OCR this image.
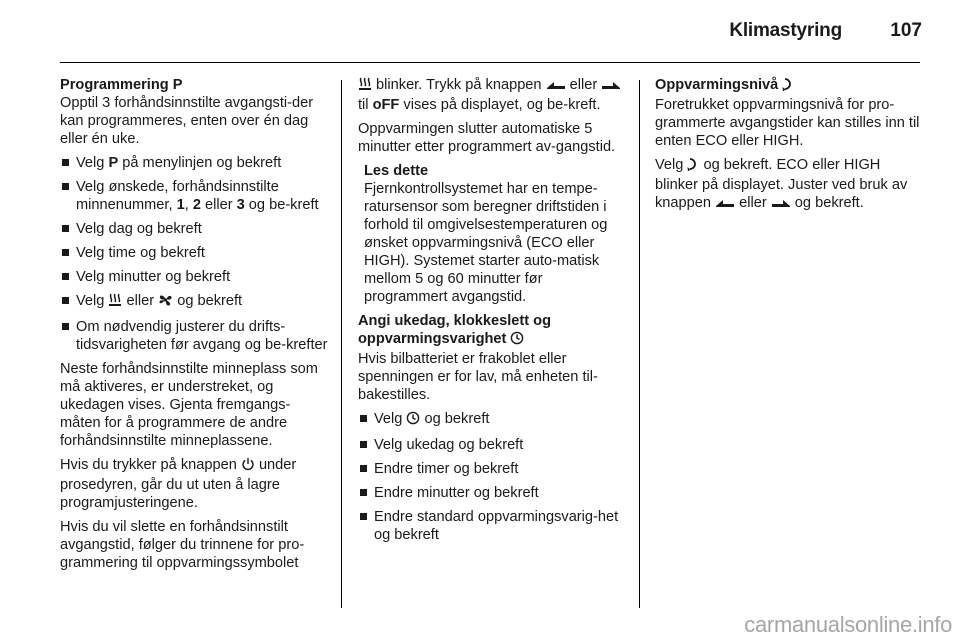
Klimastyring	107
Programmering P

Opptil 3 forhåndsinnstilte avgangsti-der kan programmeres, enten over én dag eller én uke.

Velg P på menylinjen og bekreft
Velg ønskede, forhåndsinnstilte minnenummer, 1, 2 eller 3 og be-kreft
Velg dag og bekreft
Velg time og bekreft
Velg minutter og bekreft
Velg  eller  og bekreft
Om nødvendig justerer du drifts-tidsvarigheten før avgang og be-krefter

Neste forhåndsinnstilte minneplass som må aktiveres, er understreket, og ukedagen vises. Gjenta fremgangs-måten for å programmere de andre forhåndsinnstilte minneplassene.

Hvis du trykker på knappen  under prosedyren, går du ut uten å lagre programjusteringene.

Hvis du vil slette en forhåndsinnstilt avgangstid, følger du trinnene for pro-grammering til oppvarmingssymbolet

blinker. Trykk på knappen  eller  til oFF vises på displayet, og be-kreft.

Oppvarmingen slutter automatiske 5 minutter etter programmert av-gangstid.

Les dette
Fjernkontrollsystemet har en tempe-ratursensor som beregner driftstiden i forhold til omgivelsestemperaturen og ønsket oppvarmingsnivå (ECO eller HIGH). Systemet starter auto-matisk mellom 5 og 60 minutter før programmert avgangstid.
Angi ukedag, klokkeslett og oppvarmingsvarighet

Hvis bilbatteriet er frakoblet eller spenningen er for lav, må enheten til-bakestilles.

Velg  og bekreft
Velg ukedag og bekreft
Endre timer og bekreft
Endre minutter og bekreft
Endre standard oppvarmingsvarig-het og bekreft
Oppvarmingsnivå

Foretrukket oppvarmingsnivå for pro-grammerte avgangstider kan stilles inn til enten ECO eller HIGH.

Velg  og bekreft. ECO eller HIGH blinker på displayet. Juster ved bruk av knappen  eller  og bekreft.

carmanualsonline.info
